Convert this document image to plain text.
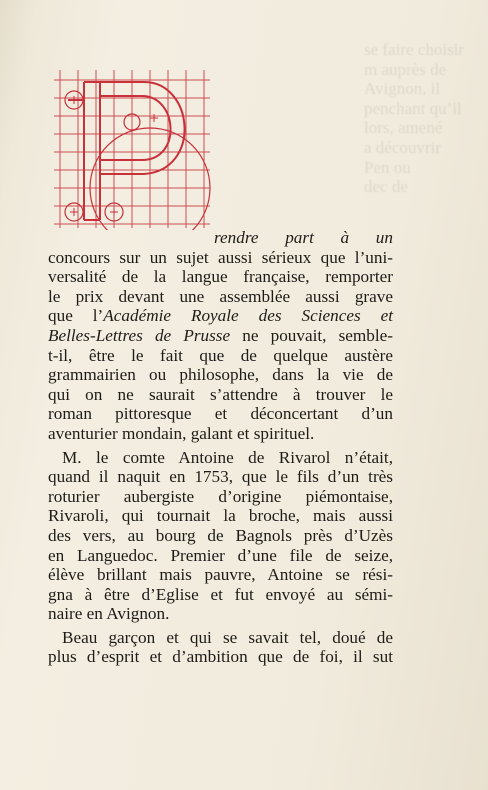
se faire choisir
m auprès de
Avignon, il
penchant qu’il
lors, amené
a découvrir
Pen ou
dec de
rendre part à un
concours sur un sujet aussi sérieux que l’uni-
versalité de la langue française, remporter
le prix devant une assemblée aussi grave
que l’Académie Royale des Sciences et
Belles-Lettres de Prusse ne pouvait, semble-
t-il, être le fait que de quelque austère
grammairien ou philosophe, dans la vie de
qui on ne saurait s’attendre à trouver le
roman pittoresque et déconcertant d’un
aventurier mondain, galant et spirituel.
M. le comte Antoine de Rivarol n’était,
quand il naquit en 1753, que le fils d’un très
roturier aubergiste d’origine piémontaise,
Rivaroli, qui tournait la broche, mais aussi
des vers, au bourg de Bagnols près d’Uzès
en Languedoc. Premier d’une file de seize,
élève brillant mais pauvre, Antoine se rési-
gna à être d’Eglise et fut envoyé au sémi-
naire en Avignon.
Beau garçon et qui se savait tel, doué de
plus d’esprit et d’ambition que de foi, il sut
